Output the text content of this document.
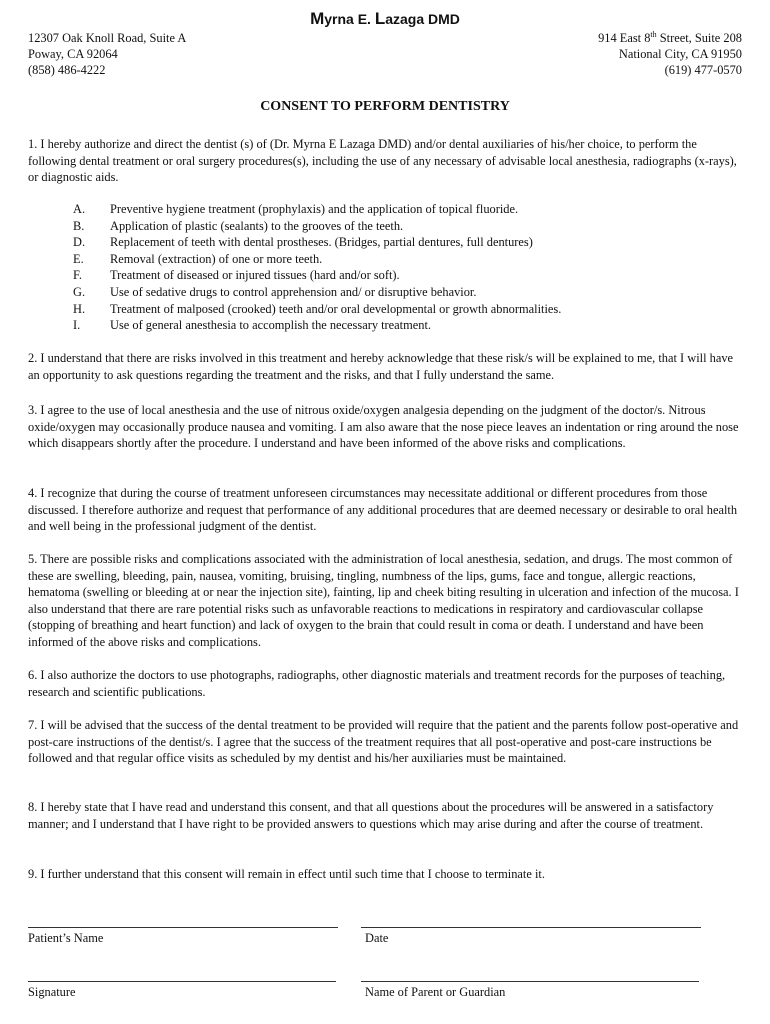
Myrna E. Lazaga DMD
12307 Oak Knoll Road, Suite A
Poway, CA 92064
(858) 486-4222
914 East 8th Street, Suite 208
National City, CA 91950
(619) 477-0570
CONSENT TO PERFORM DENTISTRY
1. I hereby authorize and direct the dentist (s) of (Dr. Myrna E Lazaga DMD) and/or dental auxiliaries of his/her choice, to perform the following dental treatment or oral surgery procedures(s), including the use of any necessary of advisable local anesthesia, radiographs (x-rays), or diagnostic aids.
A. Preventive hygiene treatment (prophylaxis) and the application of topical fluoride.
B. Application of plastic (sealants) to the grooves of the teeth.
D. Replacement of teeth with dental prostheses. (Bridges, partial dentures, full dentures)
E. Removal (extraction) of one or more teeth.
F. Treatment of diseased or injured tissues (hard and/or soft).
G. Use of sedative drugs to control apprehension and/ or disruptive behavior.
H. Treatment of malposed (crooked) teeth and/or oral developmental or growth abnormalities.
I. Use of general anesthesia to accomplish the necessary treatment.
2. I understand that there are risks involved in this treatment and hereby acknowledge that these risk/s will be explained to me, that I will have an opportunity to ask questions regarding the treatment and the risks, and that I fully understand the same.
3. I agree to the use of local anesthesia and the use of nitrous oxide/oxygen analgesia depending on the judgment of the doctor/s. Nitrous oxide/oxygen may occasionally produce nausea and vomiting. I am also aware that the nose piece leaves an indentation or ring around the nose which disappears shortly after the procedure. I understand and have been informed of the above risks and complications.
4. I recognize that during the course of treatment unforeseen circumstances may necessitate additional or different procedures from those discussed. I therefore authorize and request that performance of any additional procedures that are deemed necessary or desirable to oral health and well being in the professional judgment of the dentist.
5. There are possible risks and complications associated with the administration of local anesthesia, sedation, and drugs. The most common of these are swelling, bleeding, pain, nausea, vomiting, bruising, tingling, numbness of the lips, gums, face and tongue, allergic reactions, hematoma (swelling or bleeding at or near the injection site), fainting, lip and cheek biting resulting in ulceration and infection of the mucosa. I also understand that there are rare potential risks such as unfavorable reactions to medications in respiratory and cardiovascular collapse (stopping of breathing and heart function) and lack of oxygen to the brain that could result in coma or death. I understand and have been informed of the above risks and complications.
6. I also authorize the doctors to use photographs, radiographs, other diagnostic materials and treatment records for the purposes of teaching, research and scientific publications.
7. I will be advised that the success of the dental treatment to be provided will require that the patient and the parents follow post-operative and post-care instructions of the dentist/s. I agree that the success of the treatment requires that all post-operative and post-care instructions be followed and that regular office visits as scheduled by my dentist and his/her auxiliaries must be maintained.
8. I hereby state that I have read and understand this consent, and that all questions about the procedures will be answered in a satisfactory manner; and I understand that I have right to be provided answers to questions which may arise during and after the course of treatment.
9. I further understand that this consent will remain in effect until such time that I choose to terminate it.
Patient’s Name	Date
Signature	Name of Parent or Guardian
